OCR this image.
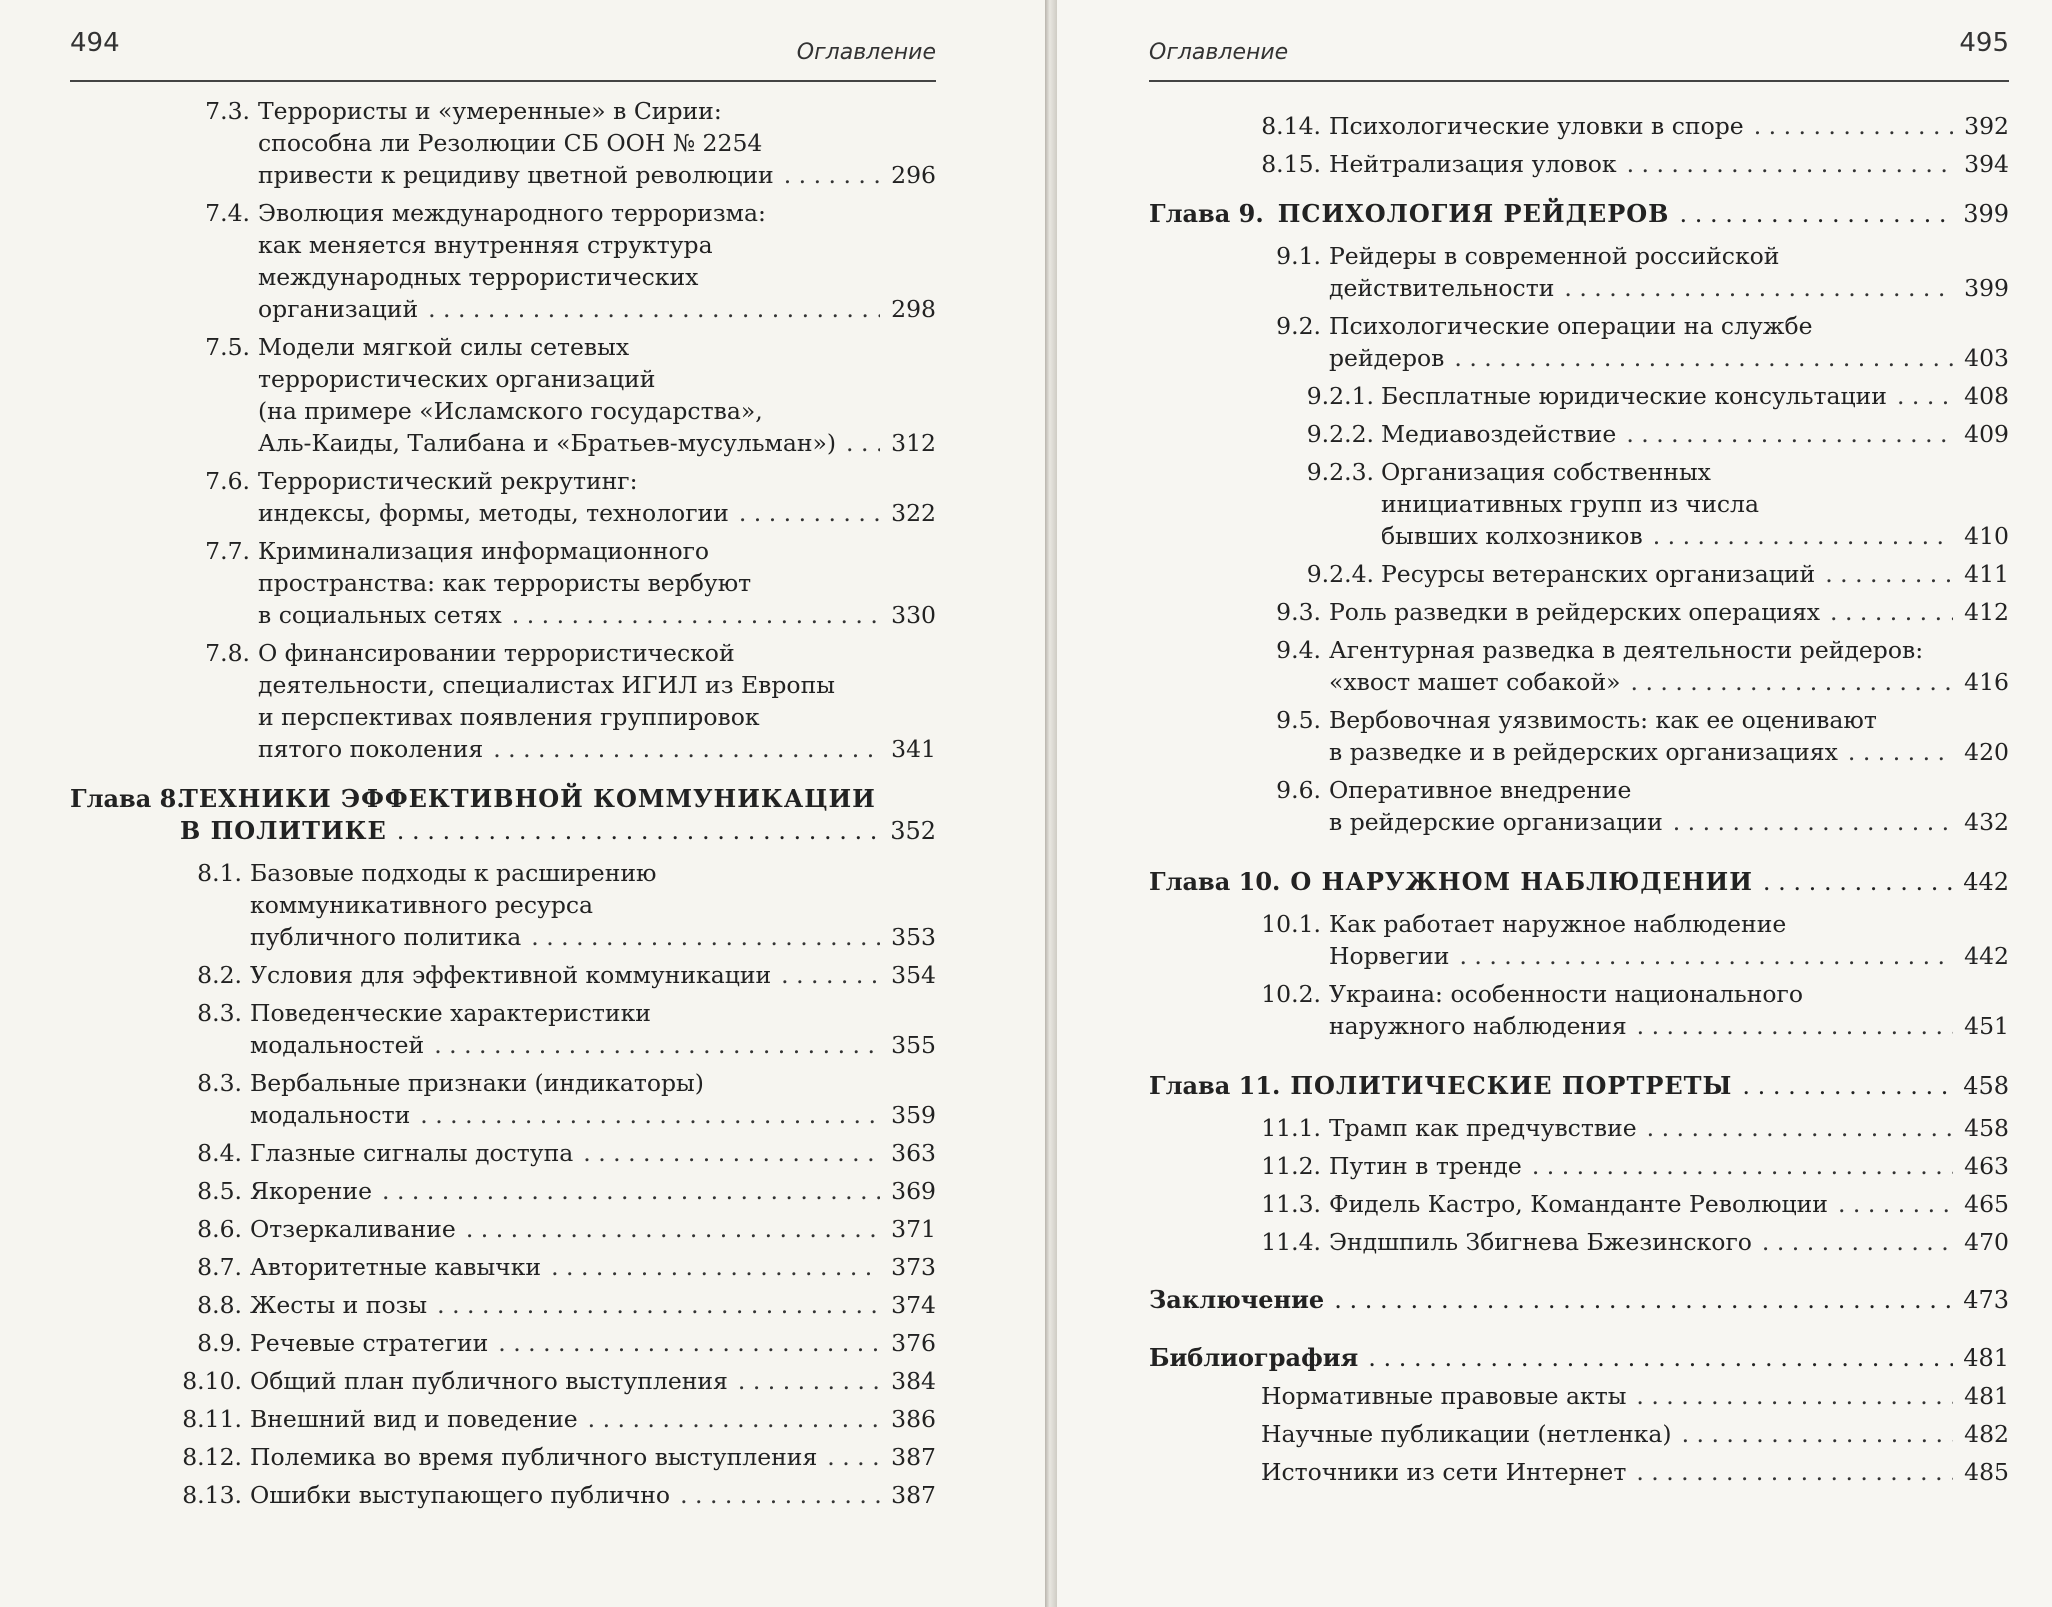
494	Оглавление
7.3. Террористы и «умеренные» в Сирии:
способна ли Резолюции СБ ООН № 2254
привести к рецидиву цветной революции . . .	296
7.4. Эволюция международного терроризма:
как меняется внутренняя структура
международных террористических
организаций . . .	298
7.5. Модели мягкой силы сетевых
террористических организаций
(на примере «Исламского государства»,
Аль-Каиды, Талибана и «Братьев-мусульман») . . . 312
7.6. Террористический рекрутинг:
индексы, формы, методы, технологии . . .	322
7.7. Криминализация информационного
пространства: как террористы вербуют
в социальных сетях . . .	330
7.8. О финансировании террористической
деятельности, специалистах ИГИЛ из Европы
и перспективах появления группировок
пятого поколения . . .	341
Глава 8.
ТЕХНИКИ ЭФФЕКТИВНОЙ КОММУНИКАЦИИ
В ПОЛИТИКЕ . . .	352
8.1. Базовые подходы к расширению
коммуникативного ресурса
публичного политика . . .	353
8.2. Условия для эффективной коммуникации . . .	354
8.3. Поведенческие характеристики
модальностей . . .	355
8.3. Вербальные признаки (индикаторы)
модальности . . .	359
8.4. Глазные сигналы доступа . . .	363
8.5. Якорение . . .	369
8.6. Отзеркаливание . . .	371
8.7. Авторитетные кавычки . . .	373
8.8. Жесты и позы . . .	374
8.9. Речевые стратегии . . .	376
8.10. Общий план публичного выступления . . .	384
8.11. Внешний вид и поведение . . .	386
8.12. Полемика во время публичного выступления . . .	387
8.13. Ошибки выступающего публично . . .	387
Оглавление	495
8.14. Психологические уловки в споре . . .	392
8.15. Нейтрализация уловок . . .	394
Глава 9. ПСИХОЛОГИЯ РЕЙДЕРОВ . . .	399
9.1. Рейдеры в современной российской
действительности . . .	399
9.2. Психологические операции на службе
рейдеров . . .	403
9.2.1. Бесплатные юридические консультации . . .	408
9.2.2. Медиавоздействие . . .	409
9.2.3. Организация собственных
инициативных групп из числа
бывших колхозников . . .	410
9.2.4. Ресурсы ветеранских организаций . . .	411
9.3. Роль разведки в рейдерских операциях . . .	412
9.4. Агентурная разведка в деятельности рейдеров:
«хвост машет собакой» . . .	416
9.5. Вербовочная уязвимость: как ее оценивают
в разведке и в рейдерских организациях . . .	420
9.6. Оперативное внедрение
в рейдерские организации . . .	432
Глава 10. О НАРУЖНОМ НАБЛЮДЕНИИ . . .	442
10.1. Как работает наружное наблюдение
Норвегии . . .	442
10.2. Украина: особенности национального
наружного наблюдения . . .	451
Глава 11. ПОЛИТИЧЕСКИЕ ПОРТРЕТЫ . . .	458
11.1. Трамп как предчувствие . . .	458
11.2. Путин в тренде . . .	463
11.3. Фидель Кастро, Команданте Революции . . .	465
11.4. Эндшпиль Збигнева Бжезинского . . .	470
Заключение . . .	473
Библиография . . .	481
Нормативные правовые акты . . .	481
Научные публикации (нетленка) . . .	482
Источники из сети Интернет . . .	485
